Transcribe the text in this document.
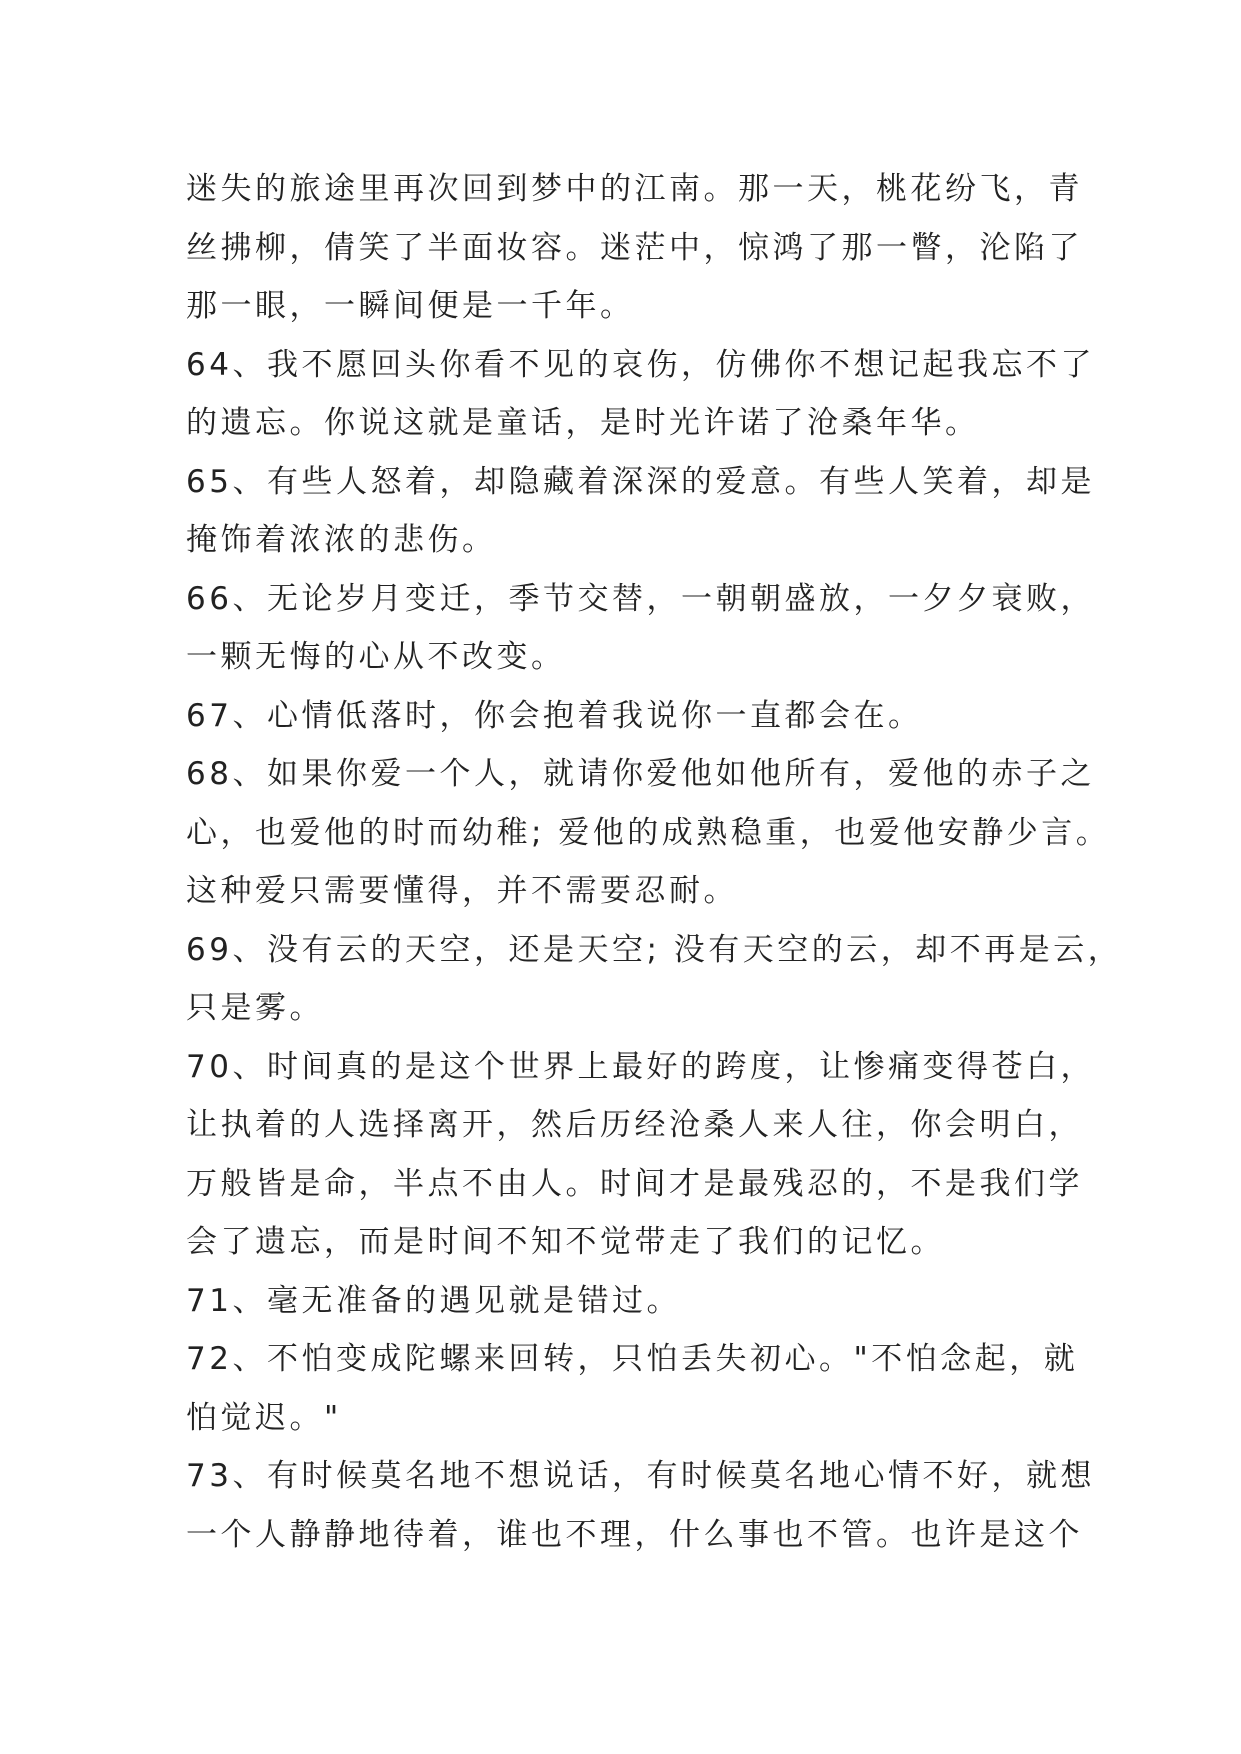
迷失的旅途里再次回到梦中的江南。那一天，桃花纷飞，青
丝拂柳，倩笑了半面妆容。迷茫中，惊鸿了那一瞥，沦陷了
那一眼，一瞬间便是一千年。
64、我不愿回头你看不见的哀伤，仿佛你不想记起我忘不了
的遗忘。你说这就是童话，是时光许诺了沧桑年华。
65、有些人怒着，却隐藏着深深的爱意。有些人笑着，却是
掩饰着浓浓的悲伤。
66、无论岁月变迁，季节交替，一朝朝盛放，一夕夕衰败，
一颗无悔的心从不改变。
67、心情低落时，你会抱着我说你一直都会在。
68、如果你爱一个人，就请你爱他如他所有，爱他的赤子之
心，也爱他的时而幼稚; 爱他的成熟稳重，也爱他安静少言。
这种爱只需要懂得，并不需要忍耐。
69、没有云的天空，还是天空; 没有天空的云，却不再是云，
只是雾。
70、时间真的是这个世界上最好的跨度，让惨痛变得苍白，
让执着的人选择离开，然后历经沧桑人来人往，你会明白，
万般皆是命，半点不由人。时间才是最残忍的，不是我们学
会了遗忘，而是时间不知不觉带走了我们的记忆。
71、毫无准备的遇见就是错过。
72、不怕变成陀螺来回转，只怕丢失初心。"不怕念起，就
怕觉迟。"
73、有时候莫名地不想说话，有时候莫名地心情不好，就想
一个人静静地待着，谁也不理，什么事也不管。也许是这个
